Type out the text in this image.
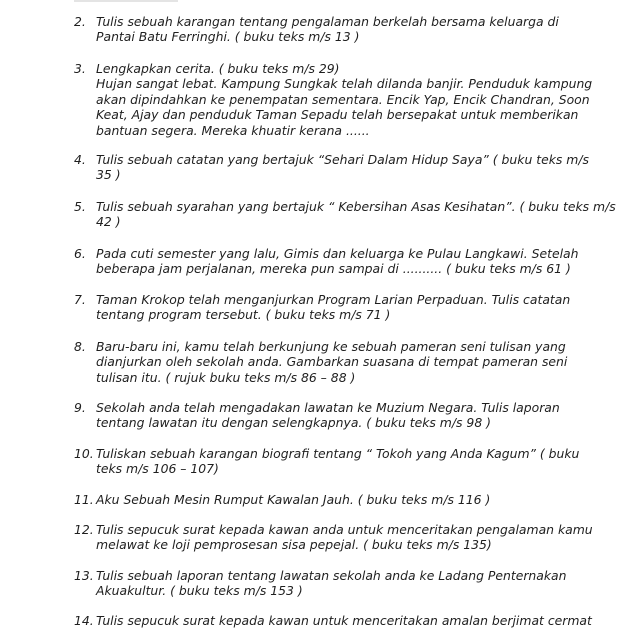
2. Tulis sebuah karangan tentang pengalaman berkelah bersama keluarga di
Pantai Batu Ferringhi. ( buku teks m/s 13 )
3. Lengkapkan cerita. ( buku teks m/s 29)
Hujan sangat lebat. Kampung Sungkak telah dilanda banjir. Penduduk kampung
akan dipindahkan ke penempatan sementara. Encik Yap, Encik Chandran, Soon
Keat, Ajay dan penduduk Taman Sepadu telah bersepakat untuk memberikan
bantuan segera. Mereka khuatir kerana ......
4. Tulis sebuah catatan yang bertajuk “Sehari Dalam Hidup Saya” ( buku teks m/s
35 )
5. Tulis sebuah syarahan yang bertajuk “ Kebersihan Asas Kesihatan”. ( buku teks m/s
42 )
6. Pada cuti semester yang lalu, Gimis dan keluarga ke Pulau Langkawi. Setelah
beberapa jam perjalanan, mereka pun sampai di .......... ( buku teks m/s 61 )
7. Taman Krokop telah menganjurkan Program Larian Perpaduan. Tulis catatan
tentang program tersebut. ( buku teks m/s 71 )
8. Baru-baru ini, kamu telah berkunjung ke sebuah pameran seni tulisan yang
dianjurkan oleh sekolah anda. Gambarkan suasana di tempat pameran seni
tulisan itu. ( rujuk buku teks m/s 86 – 88 )
9. Sekolah anda telah mengadakan lawatan ke Muzium Negara. Tulis laporan
tentang lawatan itu dengan selengkapnya. ( buku teks m/s 98 )
10. Tuliskan sebuah karangan biografi tentang “ Tokoh yang Anda Kagum” ( buku
teks m/s 106 – 107)
11. Aku Sebuah Mesin Rumput Kawalan Jauh. ( buku teks m/s 116 )
12. Tulis sepucuk surat kepada kawan anda untuk menceritakan pengalaman kamu
melawat ke loji pemprosesan sisa pepejal. ( buku teks m/s 135)
13. Tulis sebuah laporan tentang lawatan sekolah anda ke Ladang Penternakan
Akuakultur. ( buku teks m/s 153 )
14. Tulis sepucuk surat kepada kawan untuk menceritakan amalan berjimat cermat
